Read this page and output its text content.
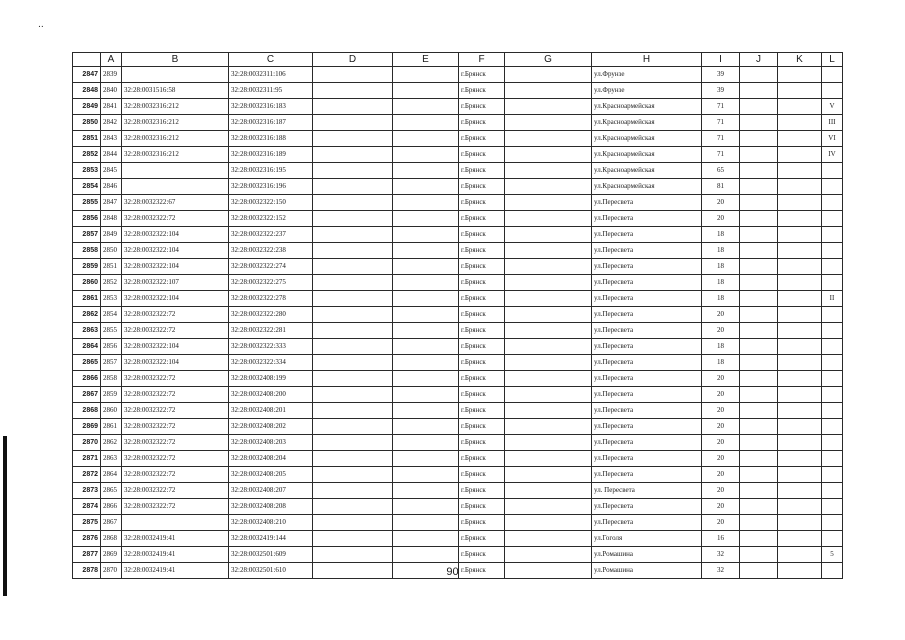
..
	A	B	C	D	E	F	G	H	I	J	K	L
2847	2839		32:28:0032311:106			г.Брянск		ул.Фрунзе	39			
2848	2840	32:28:0031516:58	32:28:0032311:95			г.Брянск		ул.Фрунзе	39			
2849	2841	32:28:0032316:212	32:28:0032316:183			г.Брянск		ул.Красноармейская	71			V
2850	2842	32:28:0032316:212	32:28:0032316:187			г.Брянск		ул.Красноармейская	71			III
2851	2843	32:28:0032316:212	32:28:0032316:188			г.Брянск		ул.Красноармейская	71			VI
2852	2844	32:28:0032316:212	32:28:0032316:189			г.Брянск		ул.Красноармейская	71			IV
2853	2845		32:28:0032316:195			г.Брянск		ул.Красноармейская	65			
2854	2846		32:28:0032316:196			г.Брянск		ул.Красноармейская	81			
2855	2847	32:28:0032322:67	32:28:0032322:150			г.Брянск		ул.Пересвета	20			
2856	2848	32:28:0032322:72	32:28:0032322:152			г.Брянск		ул.Пересвета	20			
2857	2849	32:28:0032322:104	32:28:0032322:237			г.Брянск		ул.Пересвета	18			
2858	2850	32:28:0032322:104	32:28:0032322:238			г.Брянск		ул.Пересвета	18			
2859	2851	32:28:0032322:104	32:28:0032322:274			г.Брянск		ул.Пересвета	18			
2860	2852	32:28:0032322:107	32:28:0032322:275			г.Брянск		ул.Пересвета	18			
2861	2853	32:28:0032322:104	32:28:0032322:278			г.Брянск		ул.Пересвета	18			II
2862	2854	32:28:0032322:72	32:28:0032322:280			г.Брянск		ул.Пересвета	20			
2863	2855	32:28:0032322:72	32:28:0032322:281			г.Брянск		ул.Пересвета	20			
2864	2856	32:28:0032322:104	32:28:0032322:333			г.Брянск		ул.Пересвета	18			
2865	2857	32:28:0032322:104	32:28:0032322:334			г.Брянск		ул.Пересвета	18			
2866	2858	32:28:0032322:72	32:28:0032408:199			г.Брянск		ул.Пересвета	20			
2867	2859	32:28:0032322:72	32:28:0032408:200			г.Брянск		ул.Пересвета	20			
2868	2860	32:28:0032322:72	32:28:0032408:201			г.Брянск		ул.Пересвета	20			
2869	2861	32:28:0032322:72	32:28:0032408:202			г.Брянск		ул.Пересвета	20			
2870	2862	32:28:0032322:72	32:28:0032408:203			г.Брянск		ул.Пересвета	20			
2871	2863	32:28:0032322:72	32:28:0032408:204			г.Брянск		ул.Пересвета	20			
2872	2864	32:28:0032322:72	32:28:0032408:205			г.Брянск		ул.Пересвета	20			
2873	2865	32:28:0032322:72	32:28:0032408:207			г.Брянск		ул. Пересвета	20			
2874	2866	32:28:0032322:72	32:28:0032408:208			г.Брянск		ул.Пересвета	20			
2875	2867		32:28:0032408:210			г.Брянск		ул.Пересвета	20			
2876	2868	32:28:0032419:41	32:28:0032419:144			г.Брянск		ул.Гоголя	16			
2877	2869	32:28:0032419:41	32:28:0032501:609			г.Брянск		ул.Ромашина	32			5
2878	2870	32:28:0032419:41	32:28:0032501:610			г.Брянск		ул.Ромашина	32			
90
